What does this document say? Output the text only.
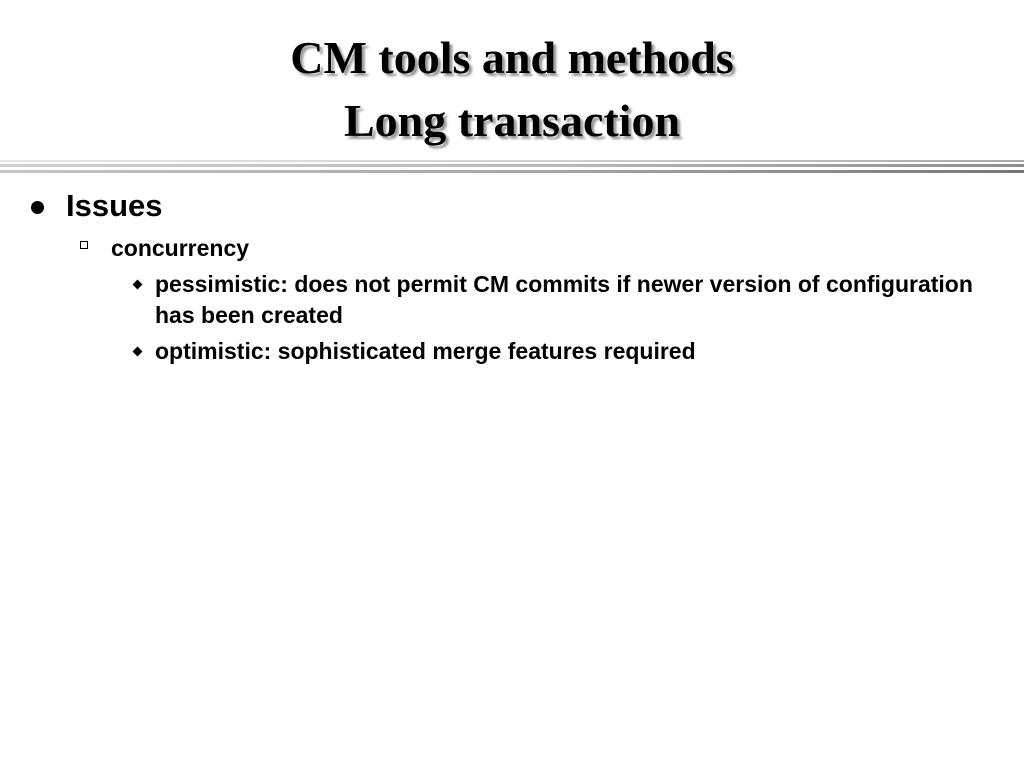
CM tools and methods
Long transaction
Issues
concurrency
pessimistic: does not permit CM commits if newer version of configuration has been created
optimistic: sophisticated merge features required
